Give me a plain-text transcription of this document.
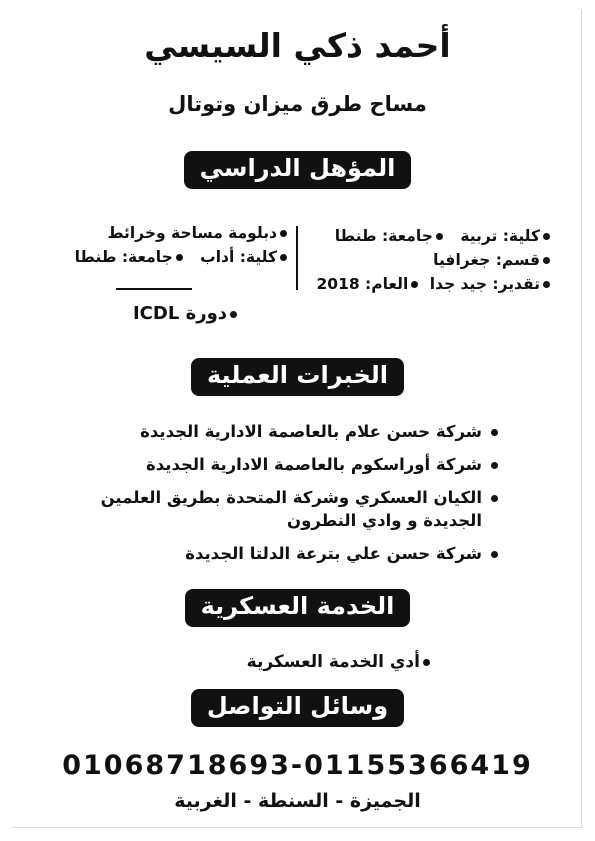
أحمد ذكي السيسي
مساح طرق ميزان وتوتال
المؤهل الدراسي
كلية: تربية جامعة: طنطا
قسم: جغرافيا
تقدير: جيد جدا العام: 2018
دبلومة مساحة وخرائط
كلية: أداب جامعة: طنطا
دورة ICDL
الخبرات العملية
شركة حسن علام بالعاصمة الادارية الجديدة
شركة أوراسكوم بالعاصمة الادارية الجديدة
الكيان العسكري وشركة المتحدة بطريق العلمين الجديدة و وادي النطرون
شركة حسن علي بترعة الدلتا الجديدة
الخدمة العسكرية
أدي الخدمة العسكرية
وسائل التواصل
01068718693-01155366419
الجميزة - السنطة - الغربية
